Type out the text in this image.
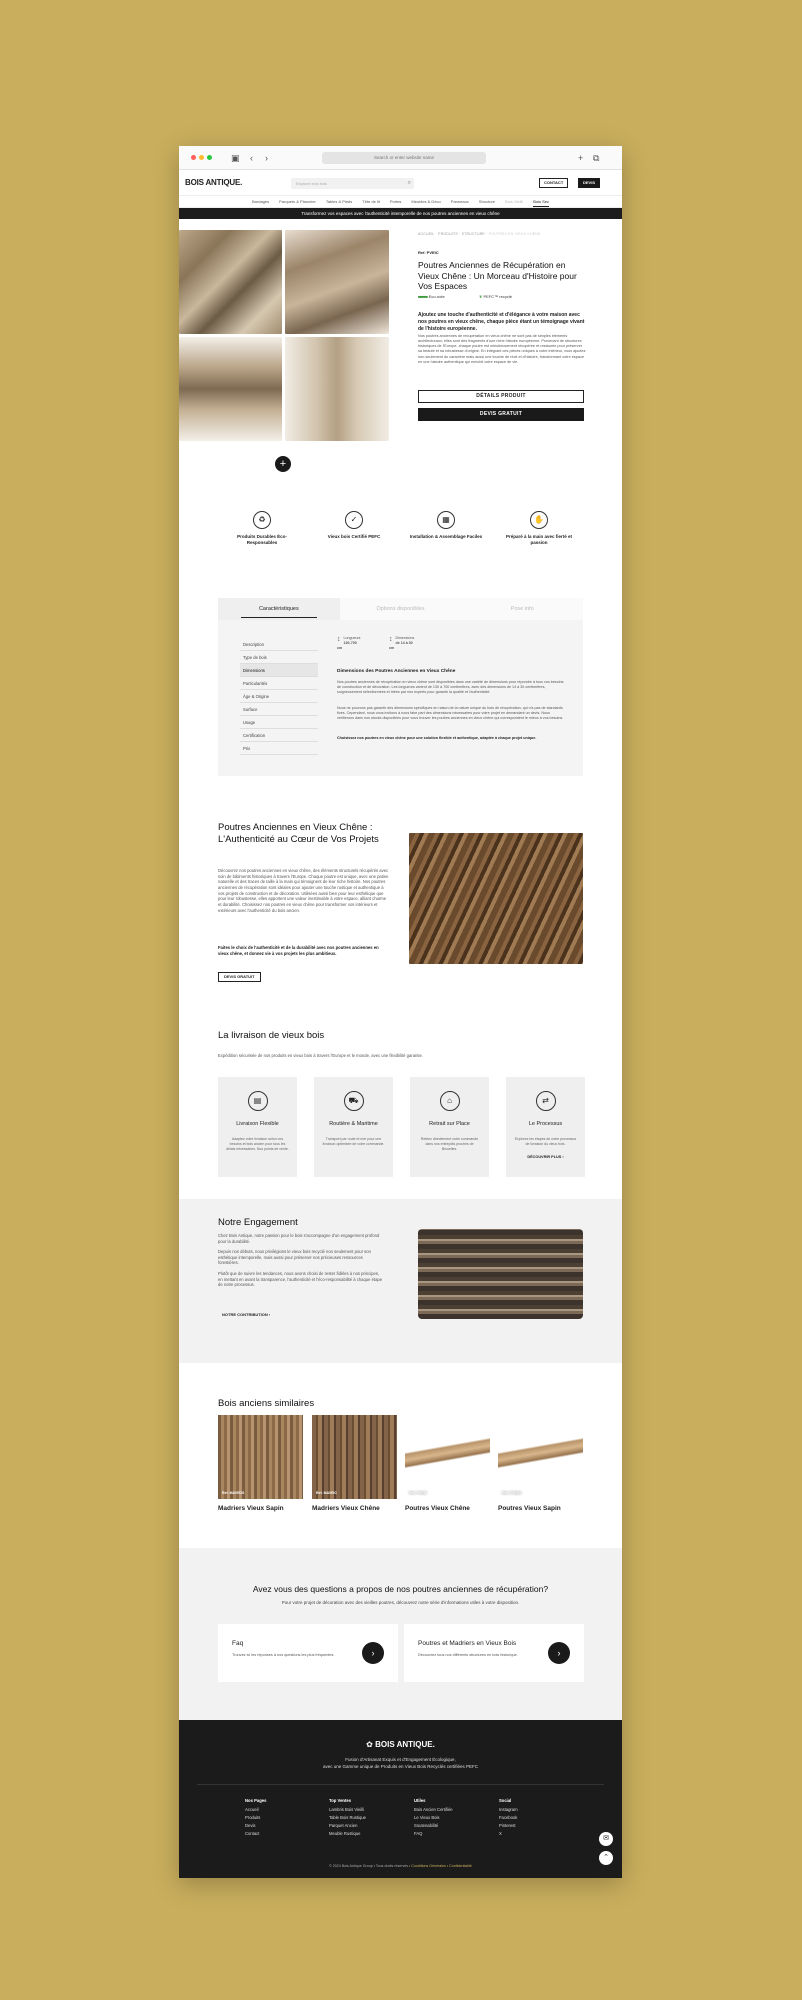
▣ ‹ ›	Search or enter website name	+ ⧉
BOIS ANTIQUE.	Explorer nos bois	⌕	CONTACT	DEVIS
Bardages	Parquets & Plancher	Tables & Pieds	Tête de lit	Portes	Meubles & Déco	Panneaux	Structure	Bois Vieilli	Bois Sec
Transformez vos espaces avec l'authenticité intemporelle de nos poutres anciennes en vieux chêne
+
ACCUEIL · PRODUITS · STRUCTURE · POUTRES EN VIEUX CHÊNE
Ref. PVEIC
Poutres Anciennes de Récupération en Vieux Chêne : Un Morceau d'Histoire pour Vos Espaces
■■■■■ Eco-note	❦ PEFC™ recyclé
Ajoutez une touche d'authenticité et d'élégance à votre maison avec nos poutres en vieux chêne, chaque pièce étant un témoignage vivant de l'histoire européenne.
Nos poutres anciennes de récupération en vieux chêne ne sont pas de simples éléments architecturaux; elles sont des fragments d'une riche histoire européenne. Provenant de structures historiques de l'Europe, chaque poutre est minutieusement récupérée et restaurée pour préserver sa beauté et sa robustesse d'origine. En intégrant ces pièces uniques à votre intérieur, vous ajoutez non seulement du caractère mais aussi une touche de récit et d'histoire, transformant votre espace en une histoire authentique qui enrichit votre espace de vie.
DÉTAILS PRODUIT
DEVIS GRATUIT
♻
Produits Durables Éco-Responsables
✓
Vieux bois Certifié PEFC
▦
Installation & Assemblage Faciles
✋
Préparé à la main avec fierté et passion
Caractéristiques	Options disponibles	Pose info
Description
Type de bois
Dimensions
Particularités
Âge & Origine
Surface
Usage
Certification
Prix
↕ Longueurs
130-700 cm
↕ Dimensions
de 14 à 30 cm
Dimensions des Poutres Anciennes en Vieux Chêne
Nos poutres anciennes de récupération en vieux chêne sont disponibles dans une variété de dimensions pour répondre à tous vos besoins de construction et de décoration. Les longueurs varient de 130 à 700 centimètres, avec des dimensions de 14 à 30 centimètres, soigneusement sélectionnées et triées par nos experts pour garantir la qualité et l'authenticité.
Nous ne pouvons pas garantir des dimensions spécifiques en raison de la nature unique du bois de récupération, qui n'a pas de standards fixes. Cependant, nous vous invitons à nous faire part des dimensions nécessaires pour votre projet en demandant un devis. Nous vérifierons dans nos stocks disponibles pour vous trouver les poutres anciennes en vieux chêne qui correspondent le mieux à vos besoins.
Choisissez nos poutres en vieux chêne pour une solution flexible et authentique, adaptée à chaque projet unique.
Poutres Anciennes en Vieux Chêne : L'Authenticité au Cœur de Vos Projets
Découvrez nos poutres anciennes en vieux chêne, des éléments structurels récupérés avec soin de bâtiments historiques à travers l'Europe. Chaque poutre est unique, avec une patine naturelle et des traces de taille à la main qui témoignent de leur riche histoire. Nos poutres anciennes de récupération sont idéales pour ajouter une touche rustique et authentique à vos projets de construction et de décoration. Utilisées aussi bien pour leur esthétique que pour leur robustesse, elles apportent une valeur inestimable à votre espace, alliant charme et durabilité. Choisissez nos poutres en vieux chêne pour transformer vos intérieurs et extérieurs avec l'authenticité du bois ancien.
Faites le choix de l'authenticité et de la durabilité avec nos poutres anciennes en vieux chêne, et donnez vie à vos projets les plus ambitieux.
DEVIS GRATUIT
La livraison de vieux bois
Expédition sécurisée de nos produits en vieux bois à travers l'Europe et le monde, avec une flexibilité garantie.
▤
Livraison Flexible
Adaptez votre livraison selon vos besoins et bois ancien pour tous les délais nécessaires. Nos points de vente.
⛟
Routière & Maritime
Transport par route et mer pour une livraison optimisée de votre commande.
⌂
Retrait sur Place
Retirez directement votre commande dans nos entrepôts proches de Bruxelles.
⇄
Le Processus
Explorez les étapes de notre processus de livraison du vieux bois.
DÉCOUVRIR PLUS ›
Notre Engagement
Chez Bois Antique, notre passion pour le bois s'accompagne d'un engagement profond pour la durabilité.
Depuis nos débuts, nous privilégions le vieux bois recyclé non seulement pour son esthétique intemporelle, mais aussi pour préserver nos précieuses ressources forestières.
Plutôt que de suivre les tendances, nous avons choisi de rester fidèles à nos principes, en mettant en avant la transparence, l'authenticité et l'éco-responsabilité à chaque étape de notre processus.
NOTRE CONTRIBUTION ›
Bois anciens similaires
Ref. MAVEDS
Madriers Vieux Sapin
Ref. MAVEIC
Madriers Vieux Chêne
Ref. PVEIC
Poutres Vieux Chêne
Ref. PVEDS
Poutres Vieux Sapin
Avez vous des questions a propos de nos poutres anciennes de récupération?
Pour votre projet de décoration avec des vieilles poutres, découvrez notre série d'informations utiles à votre disposition.
Faq
Trouvez ici les réponses à nos questions les plus fréquentes.	›
Poutres et Madriers en Vieux Bois
Découvrez tous nos différents structures en bois historique.	›
✿ BOIS ANTIQUE.
Fusion d'Artisanat Exquis et d'Engagement Écologique,
avec une Gamme unique de Produits en Vieux Bois Recyclés certifiées PEFC
Nos Pages
Accueil
Produits
Devis
Contact
Top Ventes
Lambris Bois Vieilli
Table Bois Rustique
Parquet Ancien
Meuble Rustique
Utiles
Bois Ancien Certifiée
Le Vieux Bois
Soutenabilité
FAQ
Social
Instagram
Facebook
Pinterest
X
✉
⌃
© 2024 Bois Antique Group • Tous droits réservés • Conditions Générales • Confidentialité
